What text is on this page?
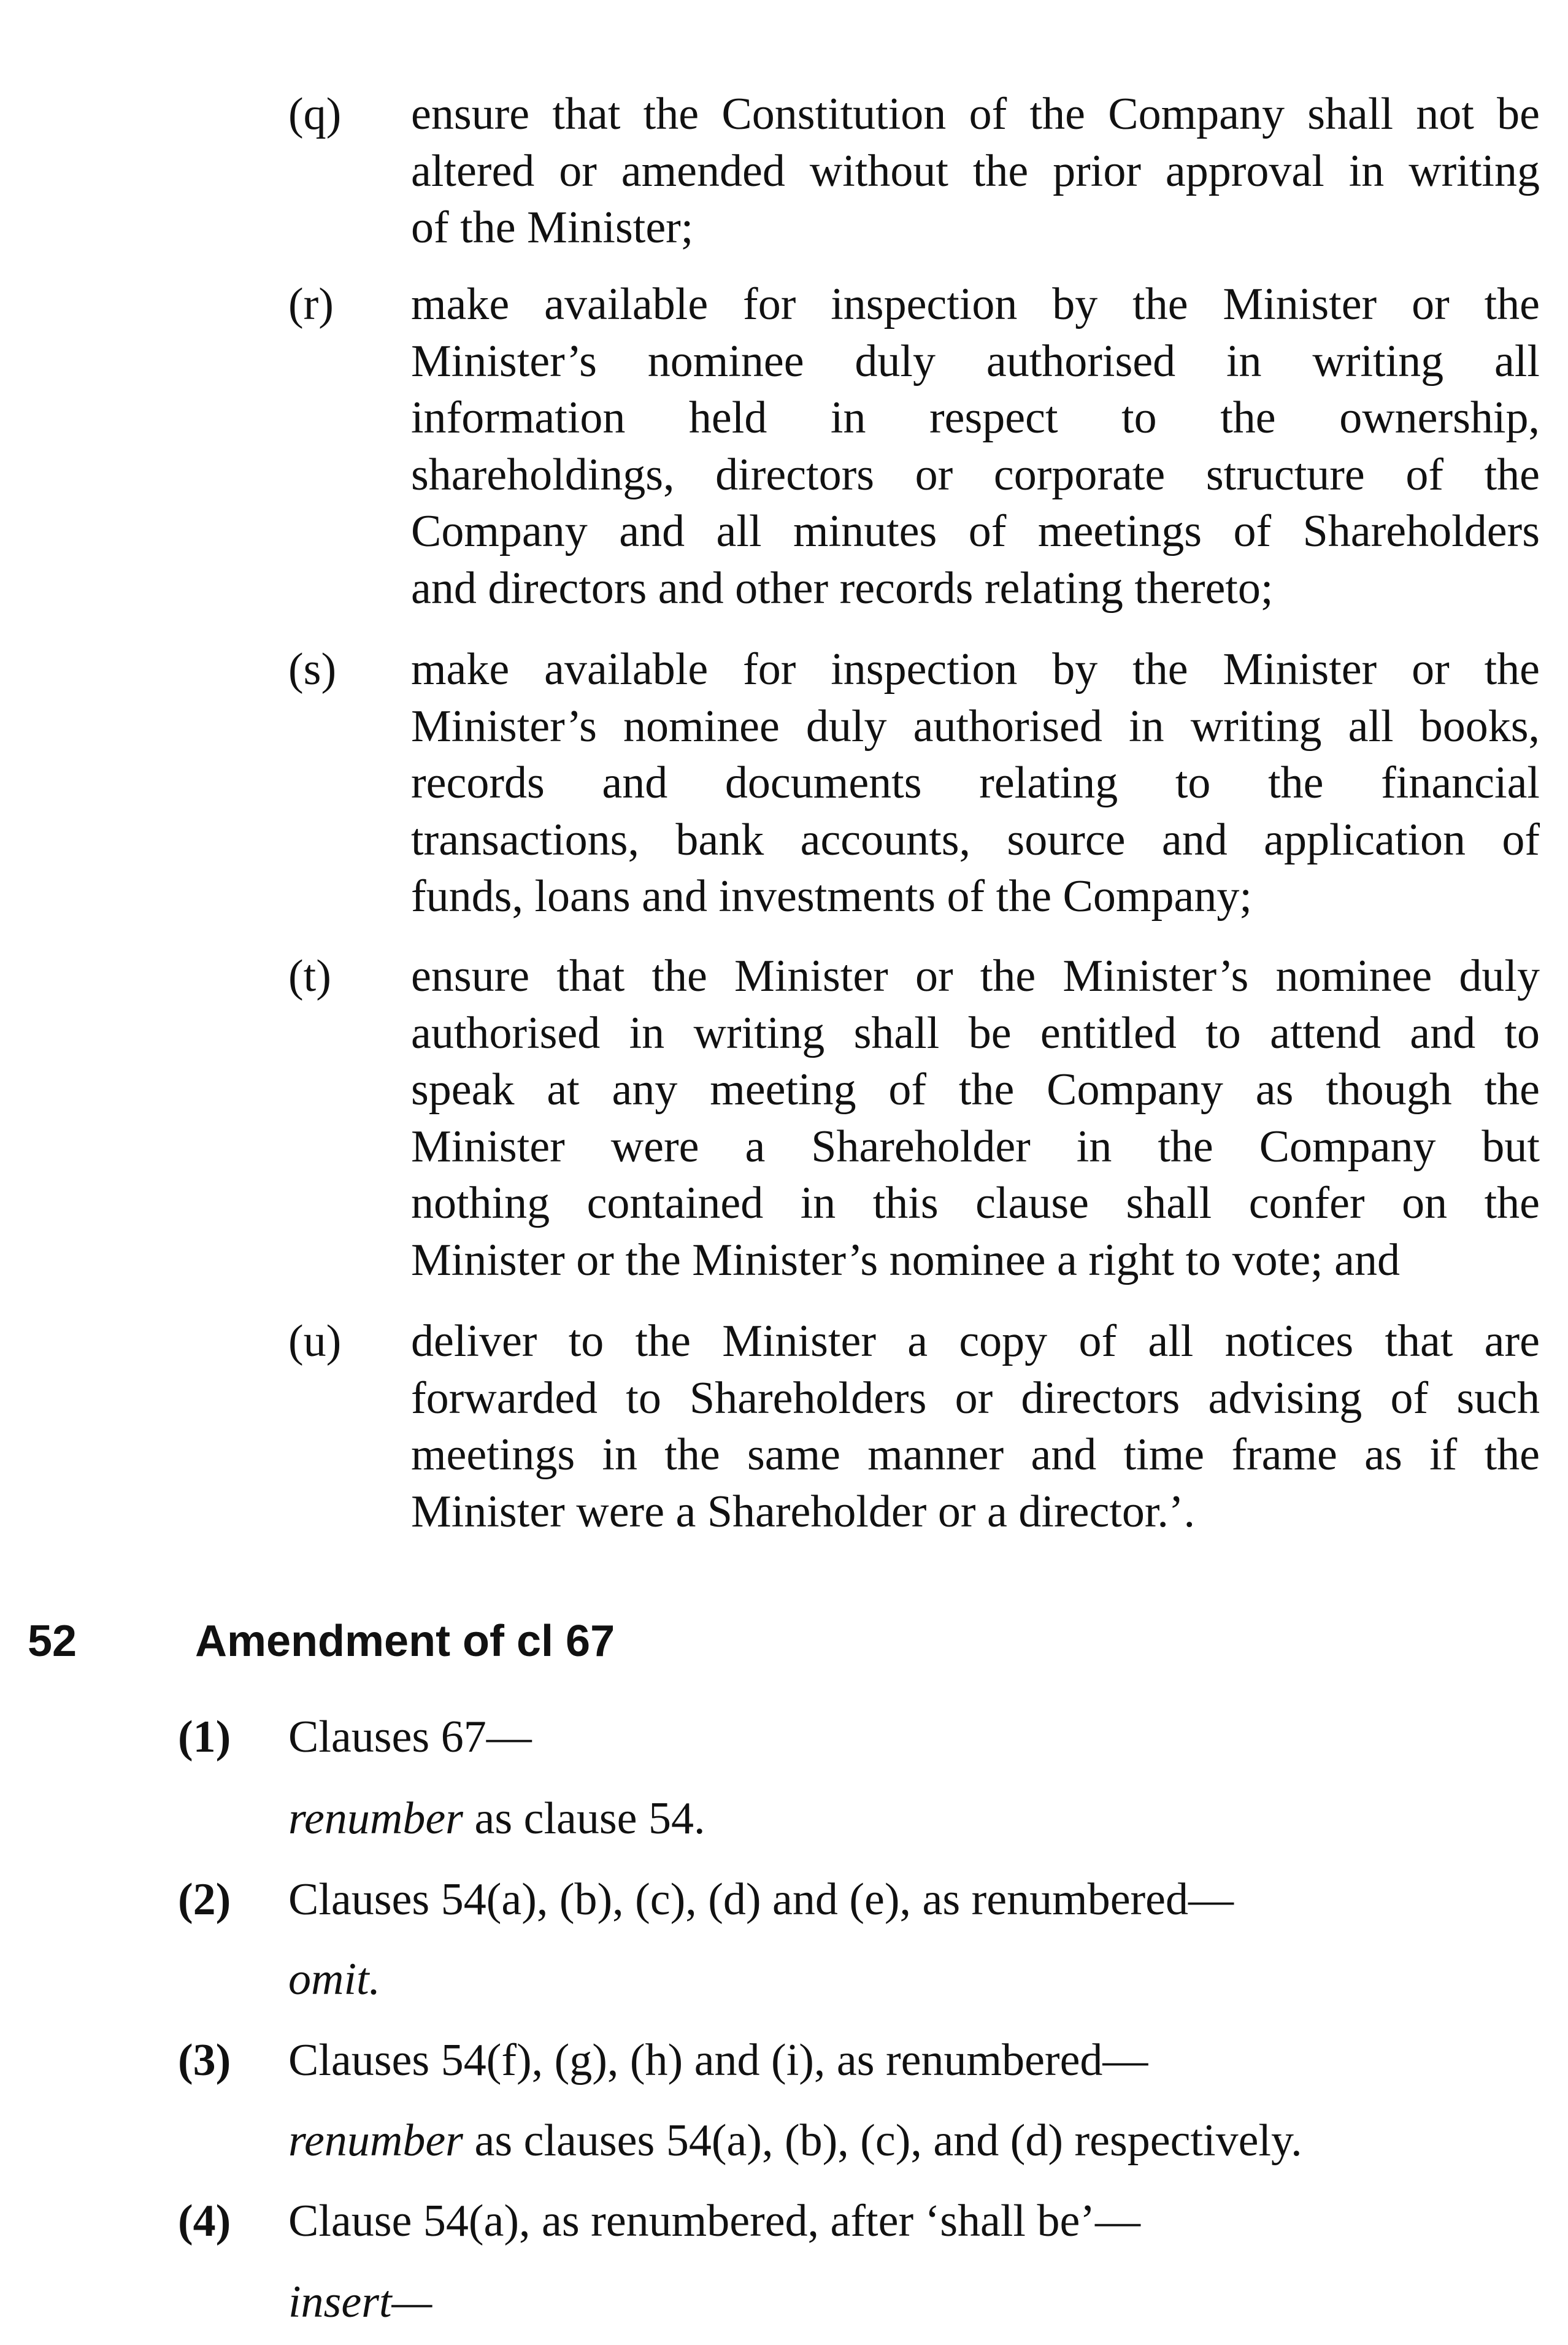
(q) ensure that the Constitution of the Company shall not be
altered or amended without the prior approval in writing
of the Minister;
(r) make available for inspection by the Minister or the
Minister’s nominee duly authorised in writing all
information held in respect to the ownership,
shareholdings, directors or corporate structure of the
Company and all minutes of meetings of Shareholders
and directors and other records relating thereto;
(s) make available for inspection by the Minister or the
Minister’s nominee duly authorised in writing all books,
records and documents relating to the financial
transactions, bank accounts, source and application of
funds, loans and investments of the Company;
(t) ensure that the Minister or the Minister’s nominee duly
authorised in writing shall be entitled to attend and to
speak at any meeting of the Company as though the
Minister were a Shareholder in the Company but
nothing contained in this clause shall confer on the
Minister or the Minister’s nominee a right to vote; and
(u) deliver to the Minister a copy of all notices that are
forwarded to Shareholders or directors advising of such
meetings in the same manner and time frame as if the
Minister were a Shareholder or a director.’.
52	Amendment of cl 67
(1) Clauses 67—
renumber as clause 54.
(2) Clauses 54(a), (b), (c), (d) and (e), as renumbered—
omit.
(3) Clauses 54(f), (g), (h) and (i), as renumbered—
renumber as clauses 54(a), (b), (c), and (d) respectively.
(4) Clause 54(a), as renumbered, after ‘shall be’—
insert—
